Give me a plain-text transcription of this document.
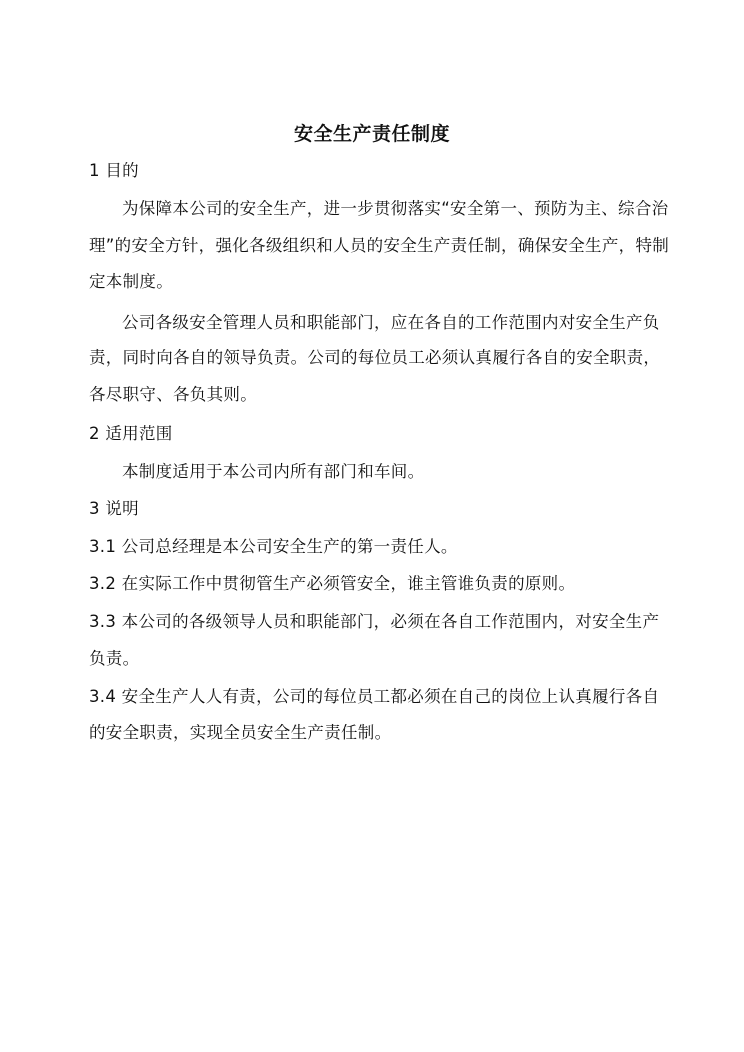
安全生产责任制度
1 目的
为保障本公司的安全生产，进一步贯彻落实“安全第一、预防为主、综合治
理”的安全方针，强化各级组织和人员的安全生产责任制，确保安全生产，特制
定本制度。
公司各级安全管理人员和职能部门，应在各自的工作范围内对安全生产负
责，同时向各自的领导负责。公司的每位员工必须认真履行各自的安全职责，
各尽职守、各负其则。
2 适用范围
本制度适用于本公司内所有部门和车间。
3 说明
3.1 公司总经理是本公司安全生产的第一责任人。
3.2 在实际工作中贯彻管生产必须管安全，谁主管谁负责的原则。
3.3 本公司的各级领导人员和职能部门，必须在各自工作范围内，对安全生产
负责。
3.4 安全生产人人有责，公司的每位员工都必须在自己的岗位上认真履行各自
的安全职责，实现全员安全生产责任制。
